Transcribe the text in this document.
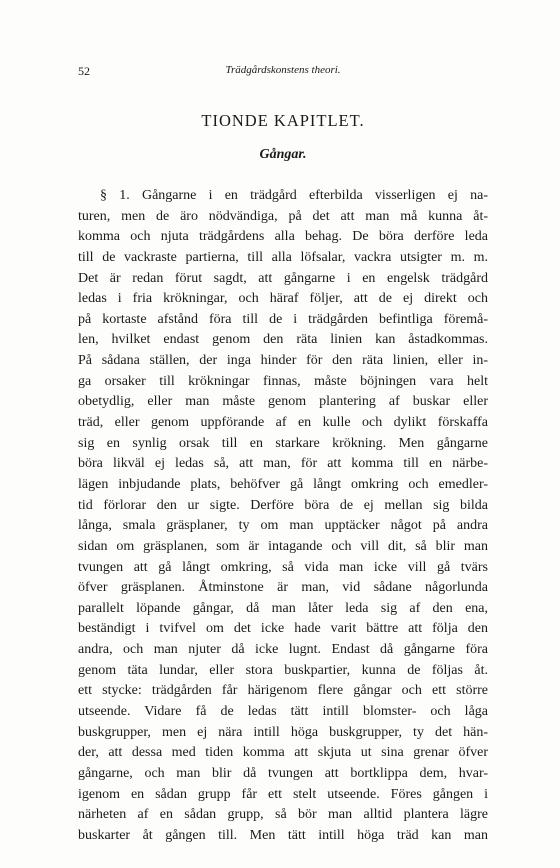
52	Trädgårdskonstens theori.
TIONDE KAPITLET.
Gångar.
§ 1. Gångarne i en trädgård efterbilda visserligen ej na-
turen, men de äro nödvändiga, på det att man må kunna åt-
komma och njuta trädgårdens alla behag. De böra derföre leda
till de vackraste partierna, till alla löfsalar, vackra utsigter m. m.
Det är redan förut sagdt, att gångarne i en engelsk trädgård
ledas i fria krökningar, och häraf följer, att de ej direkt och
på kortaste afstånd föra till de i trädgården befintliga föremå-
len, hvilket endast genom den räta linien kan åstadkommas.
På sådana ställen, der inga hinder för den räta linien, eller in-
ga orsaker till krökningar finnas, måste böjningen vara helt
obetydlig, eller man måste genom plantering af buskar eller
träd, eller genom uppförande af en kulle och dylikt förskaffa
sig en synlig orsak till en starkare krökning. Men gångarne
böra likväl ej ledas så, att man, för att komma till en närbe-
lägen inbjudande plats, behöfver gå långt omkring och emedler-
tid förlorar den ur sigte. Derföre böra de ej mellan sig bilda
långa, smala gräsplaner, ty om man upptäcker något på andra
sidan om gräsplanen, som är intagande och vill dit, så blir man
tvungen att gå långt omkring, så vida man icke vill gå tvärs
öfver gräsplanen. Åtminstone är man, vid sådane någorlunda
parallelt löpande gångar, då man låter leda sig af den ena,
beständigt i tvifvel om det icke hade varit bättre att följa den
andra, och man njuter då icke lugnt. Endast då gångarne föra
genom täta lundar, eller stora buskpartier, kunna de följas åt.
ett stycke: trädgården får härigenom flere gångar och ett större
utseende. Vidare få de ledas tätt intill blomster- och låga
buskgrupper, men ej nära intill höga buskgrupper, ty det hän-
der, att dessa med tiden komma att skjuta ut sina grenar öfver
gångarne, och man blir då tvungen att bortklippa dem, hvar-
igenom en sådan grupp får ett stelt utseende. Föres gången i
närheten af en sådan grupp, så bör man alltid plantera lägre
buskarter åt gången till. Men tätt intill höga träd kan man
